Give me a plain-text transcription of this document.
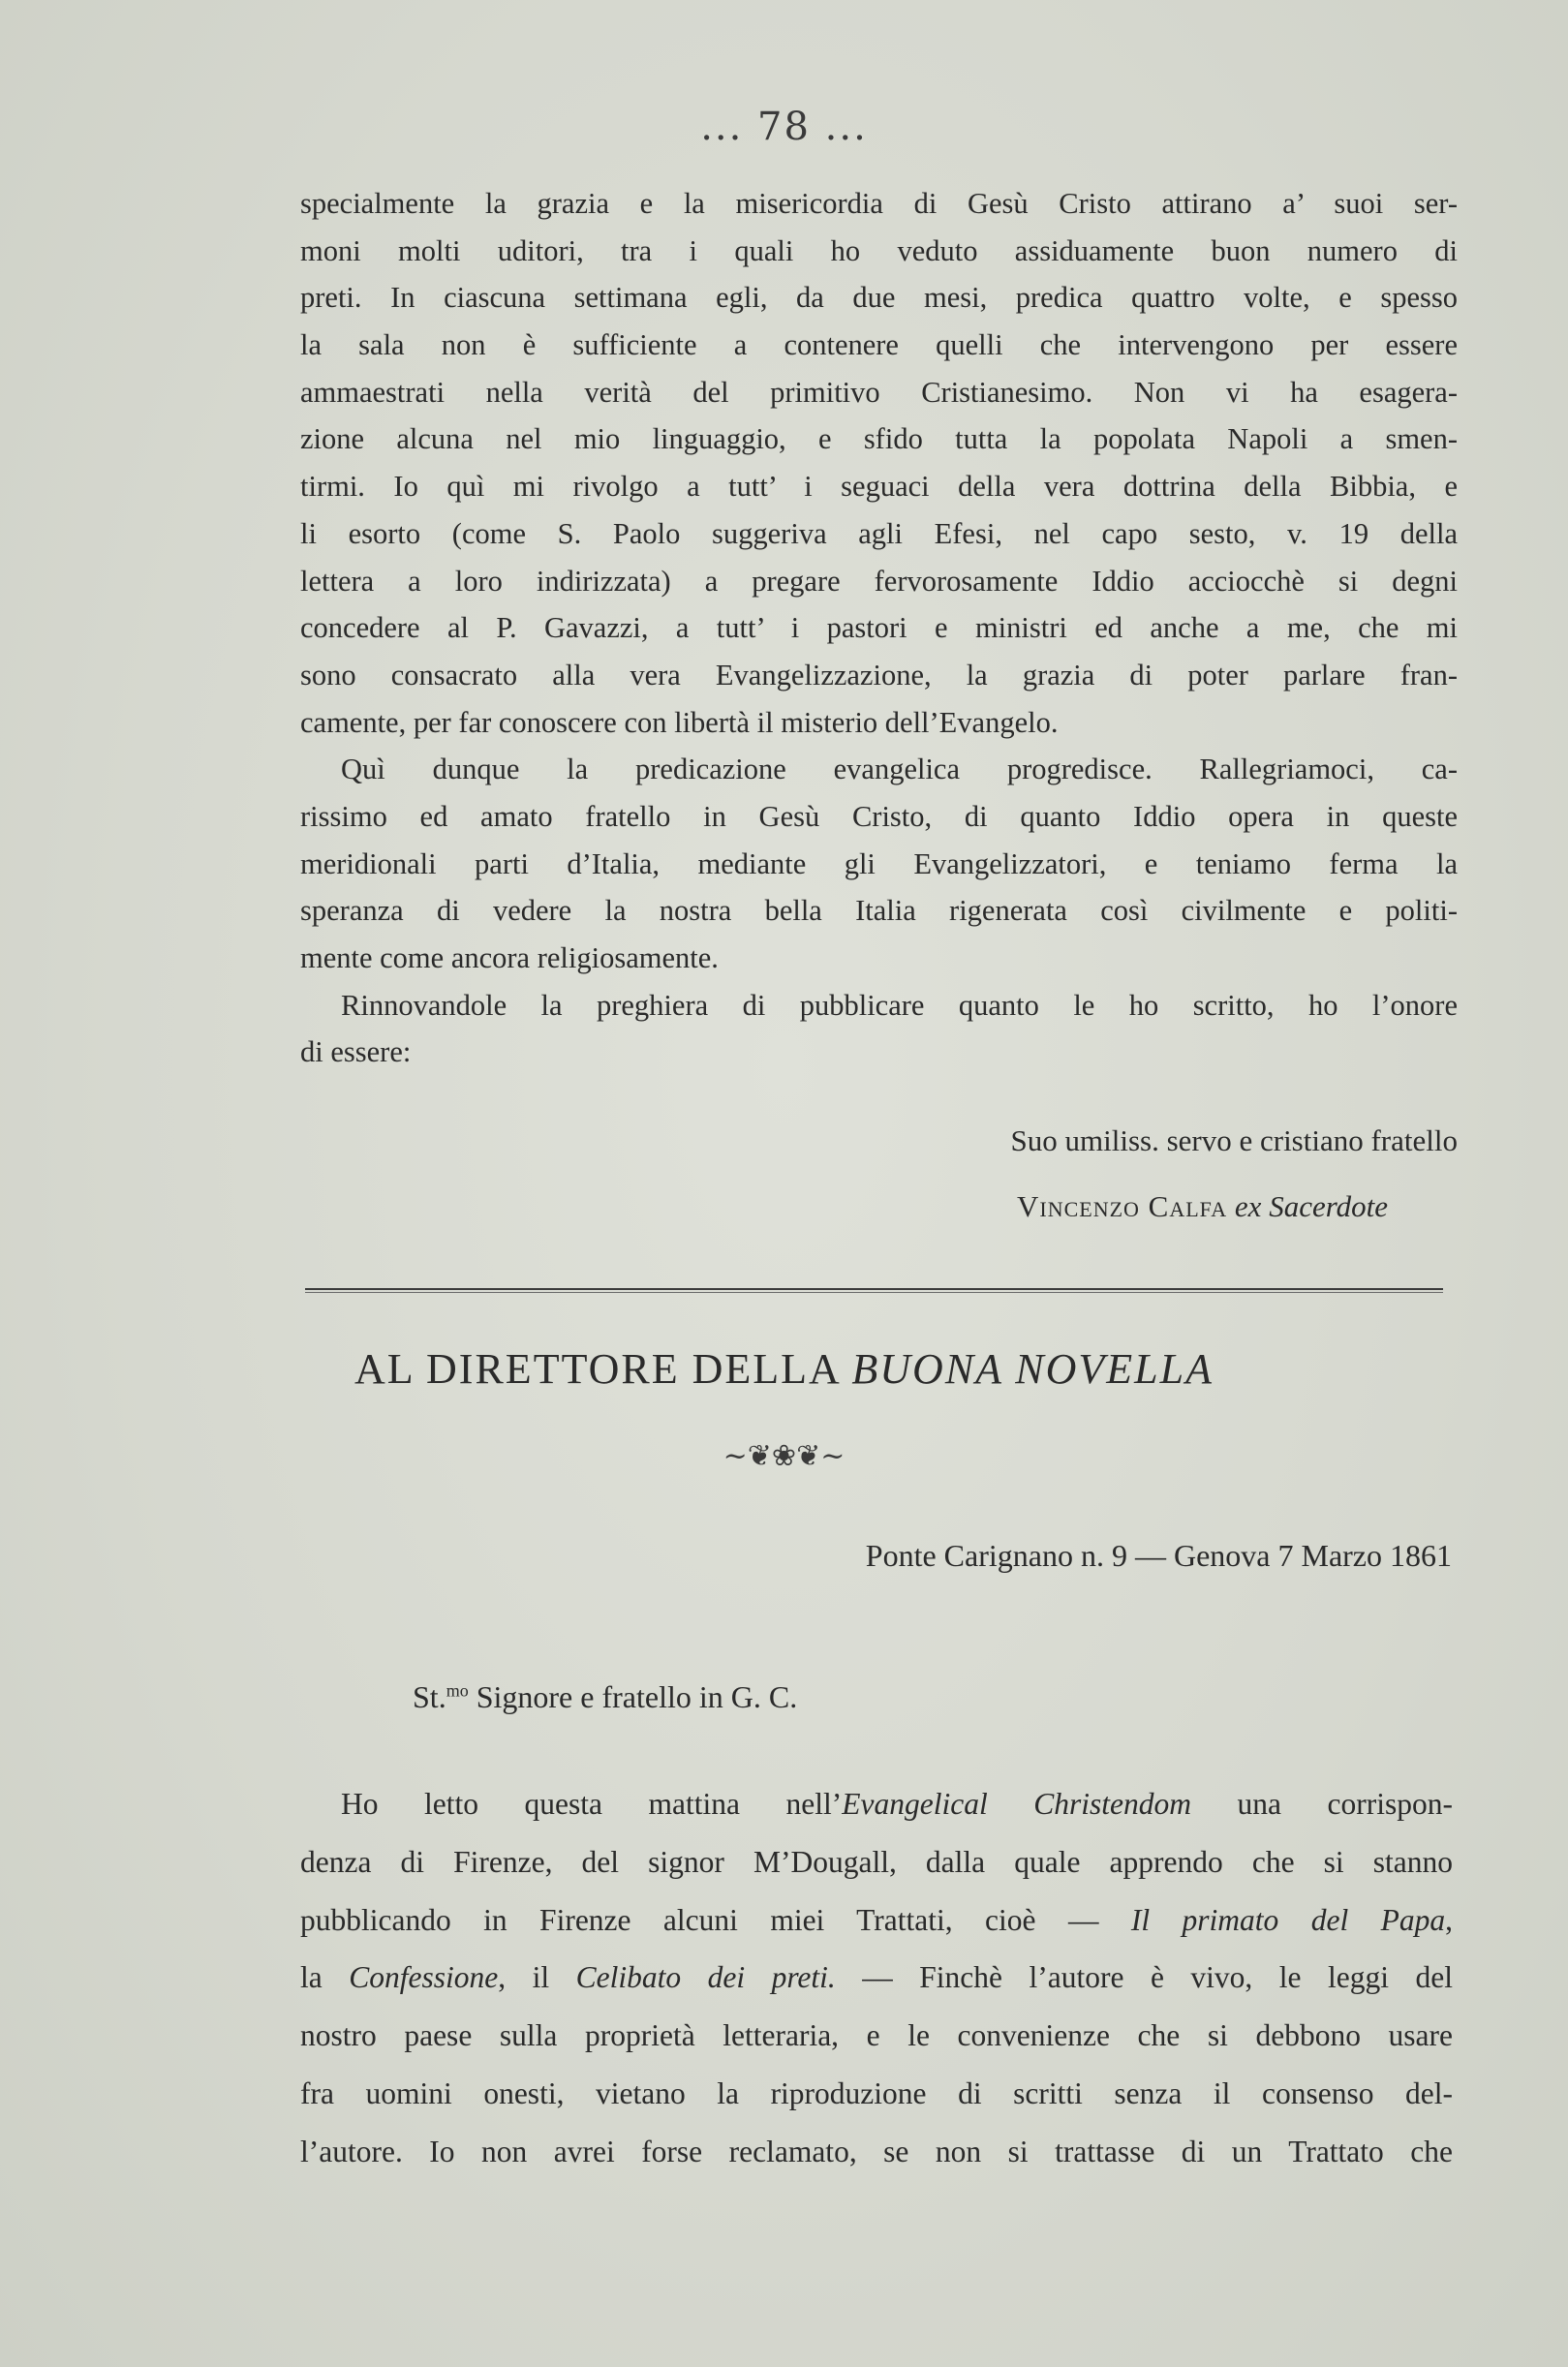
... 78 ...
specialmente la grazia e la misericordia di Gesù Cristo attirano a’ suoi ser-
moni molti uditori, tra i quali ho veduto assiduamente buon numero di
preti. In ciascuna settimana egli, da due mesi, predica quattro volte, e spesso
la sala non è sufficiente a contenere quelli che intervengono per essere
ammaestrati nella verità del primitivo Cristianesimo. Non vi ha esagera-
zione alcuna nel mio linguaggio, e sfido tutta la popolata Napoli a smen-
tirmi. Io quì mi rivolgo a tutt’ i seguaci della vera dottrina della Bibbia, e
li esorto (come S. Paolo suggeriva agli Efesi, nel capo sesto, v. 19 della
lettera a loro indirizzata) a pregare fervorosamente Iddio acciocchè si degni
concedere al P. Gavazzi, a tutt’ i pastori e ministri ed anche a me, che mi
sono consacrato alla vera Evangelizzazione, la grazia di poter parlare fran-
camente, per far conoscere con libertà il misterio dell’Evangelo.
Quì dunque la predicazione evangelica progredisce. Rallegriamoci, ca-
rissimo ed amato fratello in Gesù Cristo, di quanto Iddio opera in queste
meridionali parti d’Italia, mediante gli Evangelizzatori, e teniamo ferma la
speranza di vedere la nostra bella Italia rigenerata così civilmente e politi-
mente come ancora religiosamente.
Rinnovandole la preghiera di pubblicare quanto le ho scritto, ho l’onore
di essere:
Suo umiliss. servo e cristiano fratello
Vincenzo Calfa ex Sacerdote
AL DIRETTORE DELLA BUONA NOVELLA
~❦❀❦~
Ponte Carignano n. 9 — Genova 7 Marzo 1861
St.$^{mo}$ Signore e fratello in G. C.
Ho letto questa mattina nell’Evangelical Christendom una corrispon-
denza di Firenze, del signor M’Dougall, dalla quale apprendo che si stanno
pubblicando in Firenze alcuni miei Trattati, cioè — Il primato del Papa,
la Confessione, il Celibato dei preti. — Finchè l’autore è vivo, le leggi del
nostro paese sulla proprietà letteraria, e le convenienze che si debbono usare
fra uomini onesti, vietano la riproduzione di scritti senza il consenso del-
l’autore. Io non avrei forse reclamato, se non si trattasse di un Trattato che
